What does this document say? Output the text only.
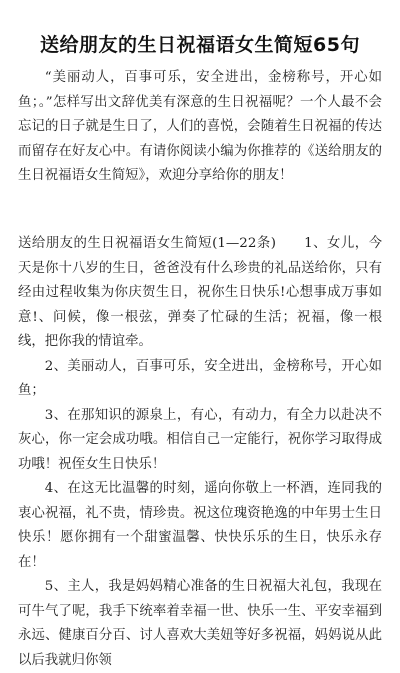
送给朋友的生日祝福语女生简短65句

“美丽动人，百事可乐，安全进出，金榜称号，开心如鱼；。”怎样写出文辞优美有深意的生日祝福呢？一个人最不会忘记的日子就是生日了，人们的喜悦，会随着生日祝福的传达而留存在好友心中。有请你阅读小编为你推荐的《送给朋友的生日祝福语女生简短》，欢迎分享给你的朋友！

送给朋友的生日祝福语女生简短(1—22条)　　1、女儿，今天是你十八岁的生日，爸爸没有什么珍贵的礼品送给你，只有经由过程收集为你庆贺生日，祝你生日快乐!心想事成万事如意!、问候，像一根弦，弹奏了忙碌的生活；祝福，像一根线，把你我的情谊牵。

2、美丽动人，百事可乐，安全进出，金榜称号，开心如鱼；

3、在那知识的源泉上，有心，有动力，有全力以赴决不灰心，你一定会成功哦。相信自己一定能行，祝你学习取得成功哦！祝侄女生日快乐！

4、在这无比温馨的时刻，遥向你敬上一杯酒，连同我的衷心祝福，礼不贵，情珍贵。祝这位瑰资艳逸的中年男士生日快乐！愿你拥有一个甜蜜温馨、快快乐乐的生日，快乐永存在！

5、主人，我是妈妈精心准备的生日祝福大礼包，我现在可牛气了呢，我手下统率着幸福一世、快乐一生、平安幸福到永远、健康百分百、讨人喜欢大美妞等好多祝福，妈妈说从此以后我就归你领
